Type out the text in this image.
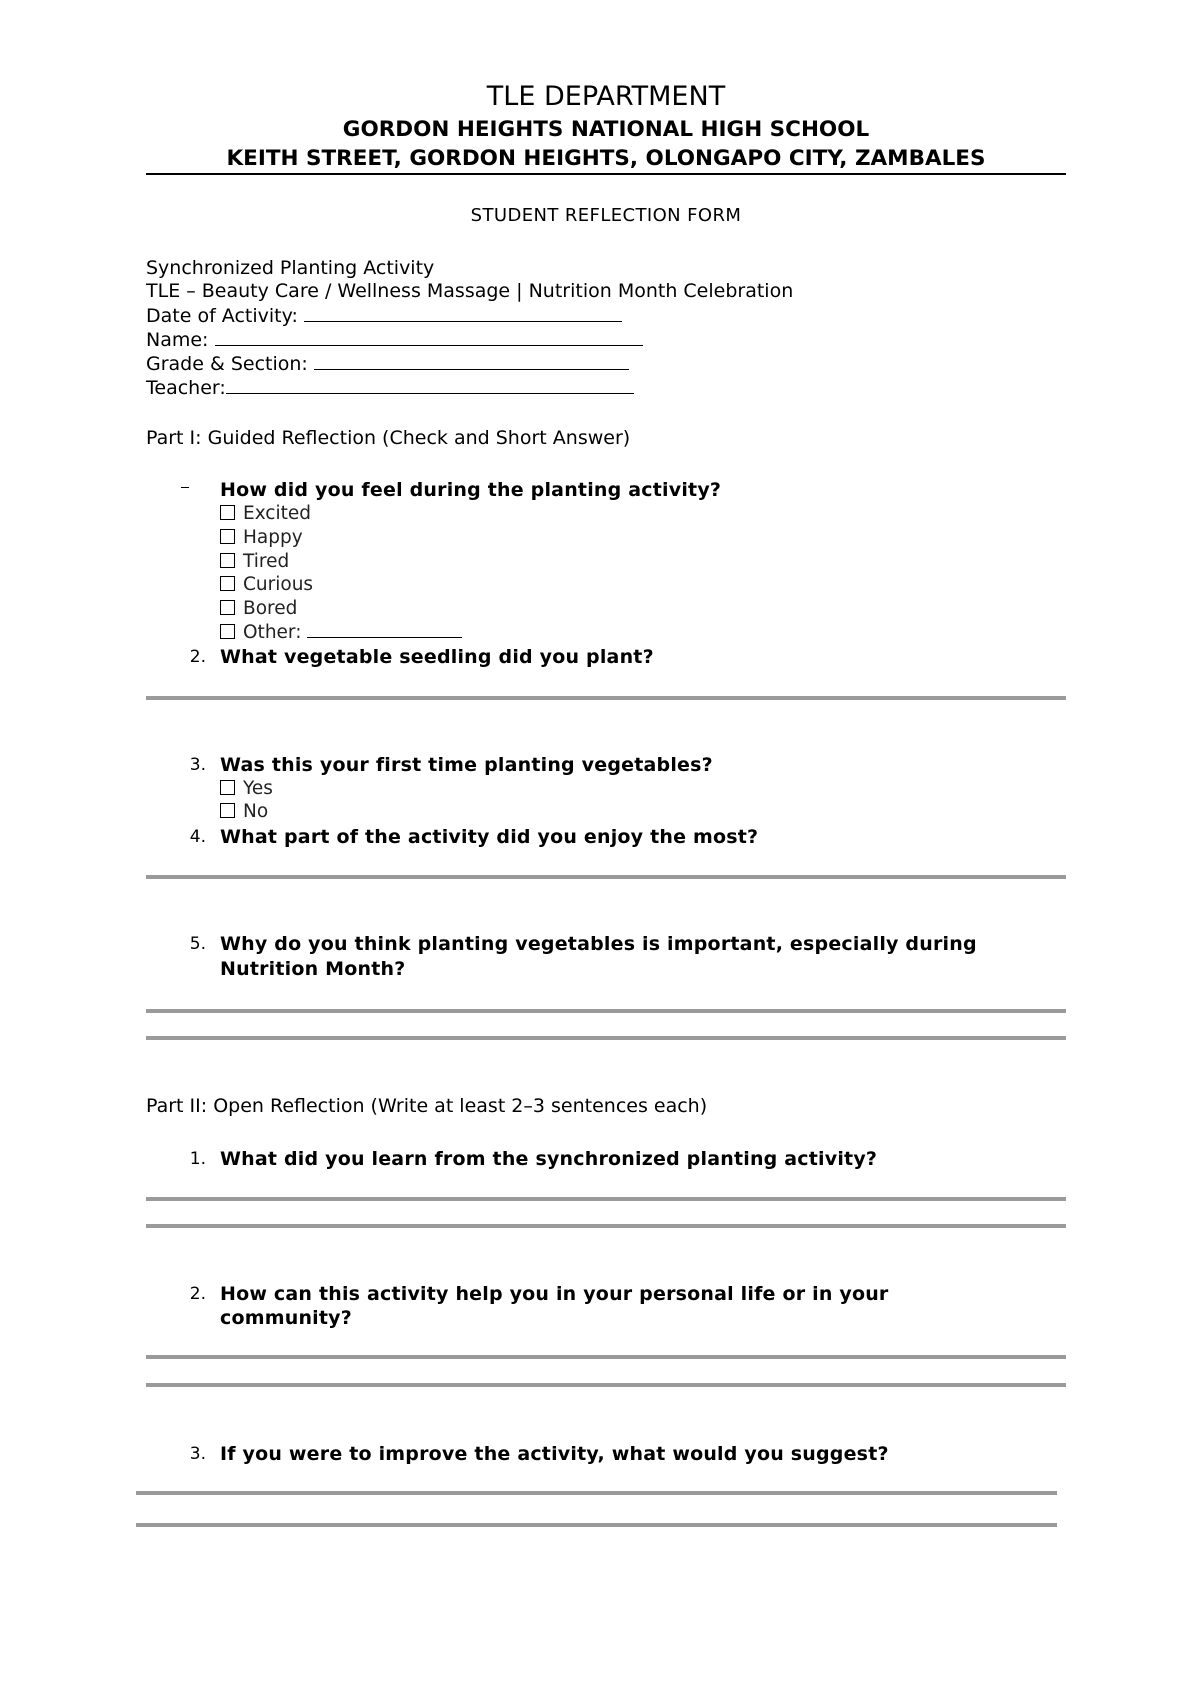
TLE DEPARTMENT
GORDON HEIGHTS NATIONAL HIGH SCHOOL
KEITH STREET, GORDON HEIGHTS, OLONGAPO CITY, ZAMBALES
STUDENT REFLECTION FORM
Synchronized Planting Activity
TLE – Beauty Care / Wellness Massage | Nutrition Month Celebration
Date of Activity:
Name:
Grade & Section:
Teacher:
Part I: Guided Reflection (Check and Short Answer)
How did you feel during the planting activity?
Excited
Happy
Tired
Curious
Bored
Other:
2. What vegetable seedling did you plant?
3. Was this your first time planting vegetables?
Yes
No
4. What part of the activity did you enjoy the most?
5. Why do you think planting vegetables is important, especially during
Nutrition Month?
Part II: Open Reflection (Write at least 2–3 sentences each)
1. What did you learn from the synchronized planting activity?
2. How can this activity help you in your personal life or in your
community?
3. If you were to improve the activity, what would you suggest?
